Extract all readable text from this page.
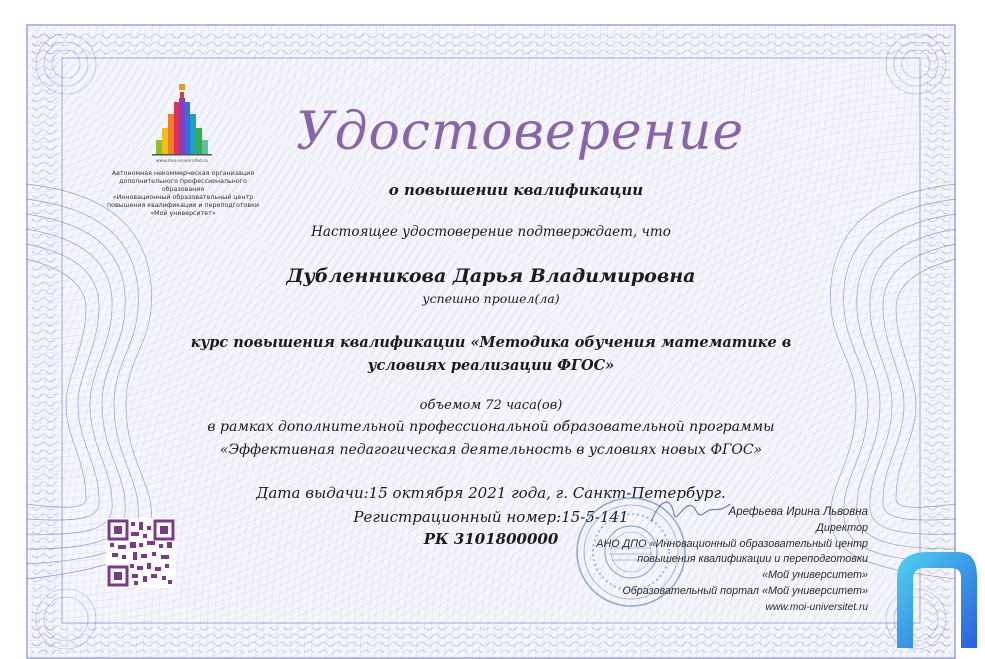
www.moi-universitet.ru
Автономная некоммерческая организация
дополнительного профессионального образования
«Инновационный образовательный центр
повышения квалификации и переподготовки
«Мой университет»
Удостоверение
о повышении квалификации
Настоящее удостоверение подтверждает, что
Дубленникова Дарья Владимировна
успешно прошел(ла)
курс повышения квалификации «Методика обучения математике в
условиях реализации ФГОС»
объемом 72 часа(ов)
в рамках дополнительной профессиональной образовательной программы
«Эффективная педагогическая деятельность в условиях новых ФГОС»
Дата выдачи:15 октября 2021 года, г. Санкт-Петербург.
Регистрационный номер:15-5-141
РК 3101800000
Арефьева Ирина Львовна
Директор
АНО ДПО «Инновационный образовательный центр
повышения квалификации и переподготовки
«Мой университет»
Образовательный портал «Мой университет»
www.moi-universitet.ru
